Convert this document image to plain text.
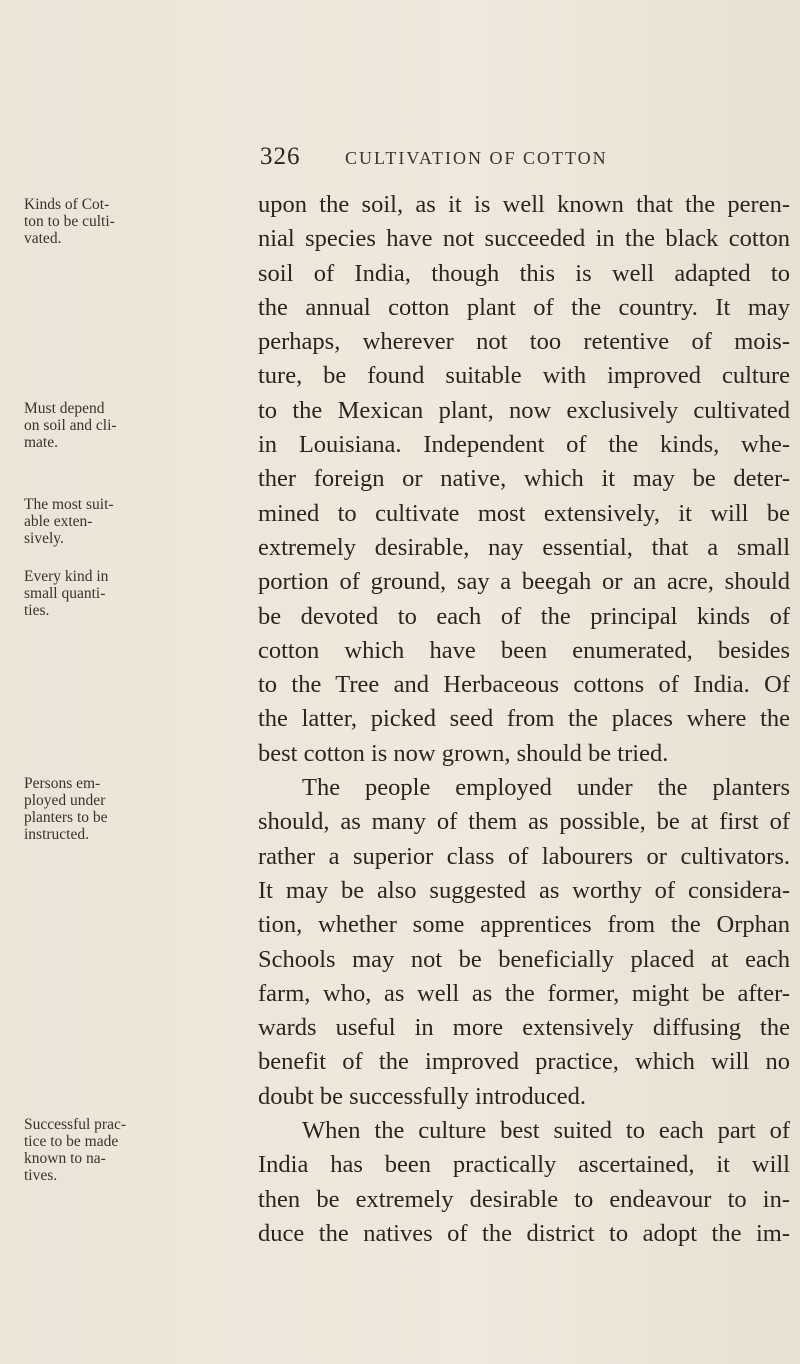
326 CULTIVATION OF COTTON
Kinds of Cot-
ton to be culti-
vated.
Must depend
on soil and cli-
mate.
The most suit-
able exten-
sively.
Every kind in
small quanti-
ties.
Persons em-
ployed under
planters to be
instructed.
Successful prac-
tice to be made
known to na-
tives.
upon the soil, as it is well known that the peren-
nial species have not succeeded in the black cotton
soil of India, though this is well adapted to
the annual cotton plant of the country. It may
perhaps, wherever not too retentive of mois-
ture, be found suitable with improved culture
to the Mexican plant, now exclusively cultivated
in Louisiana. Independent of the kinds, whe-
ther foreign or native, which it may be deter-
mined to cultivate most extensively, it will be
extremely desirable, nay essential, that a small
portion of ground, say a beegah or an acre, should
be devoted to each of the principal kinds of
cotton which have been enumerated, besides
to the Tree and Herbaceous cottons of India. Of
the latter, picked seed from the places where the
best cotton is now grown, should be tried.
The people employed under the planters
should, as many of them as possible, be at first of
rather a superior class of labourers or cultivators.
It may be also suggested as worthy of considera-
tion, whether some apprentices from the Orphan
Schools may not be beneficially placed at each
farm, who, as well as the former, might be after-
wards useful in more extensively diffusing the
benefit of the improved practice, which will no
doubt be successfully introduced.
When the culture best suited to each part of
India has been practically ascertained, it will
then be extremely desirable to endeavour to in-
duce the natives of the district to adopt the im-
